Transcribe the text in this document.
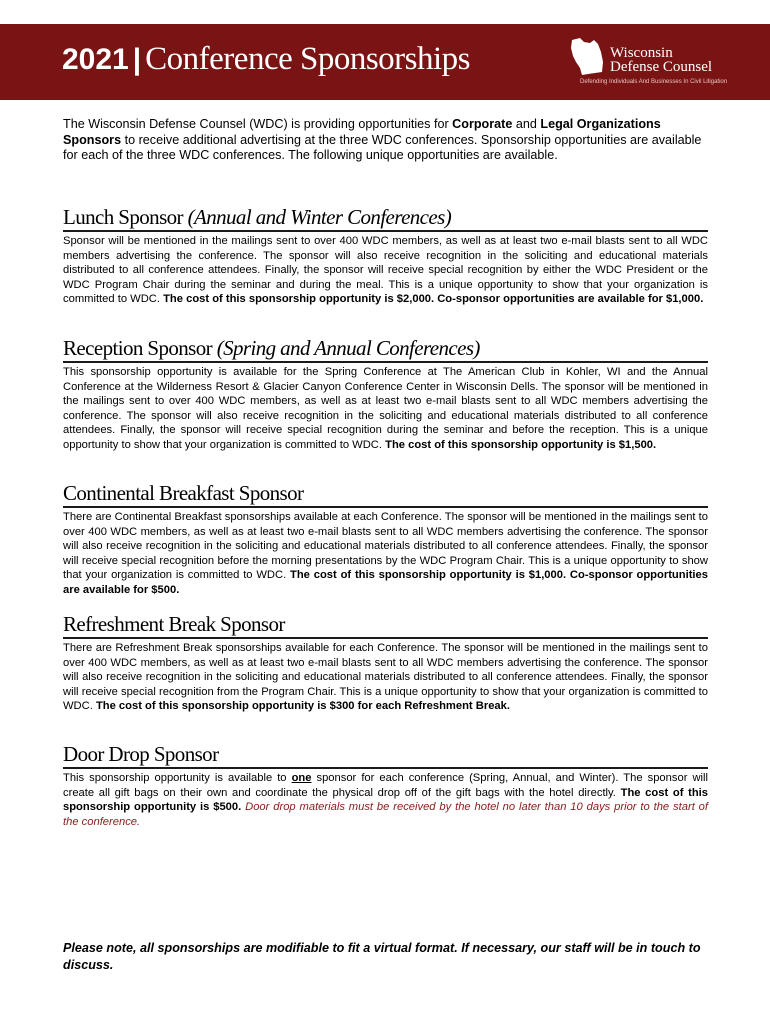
2021 | Conference Sponsorships	Wisconsin
Defense Counsel
Defending Individuals And Businesses In Civil Litigation
The Wisconsin Defense Counsel (WDC) is providing opportunities for Corporate and Legal Organizations Sponsors to receive additional advertising at the three WDC conferences. Sponsorship opportunities are available for each of the three WDC conferences. The following unique opportunities are available.
Lunch Sponsor (Annual and Winter Conferences)
Sponsor will be mentioned in the mailings sent to over 400 WDC members, as well as at least two e-mail blasts sent to all WDC members advertising the conference. The sponsor will also receive recognition in the soliciting and educational materials distributed to all conference attendees. Finally, the sponsor will receive special recognition by either the WDC President or the WDC Program Chair during the seminar and during the meal. This is a unique opportunity to show that your organization is committed to WDC. The cost of this sponsorship opportunity is $2,000. Co-sponsor opportunities are available for $1,000.
Reception Sponsor (Spring and Annual Conferences)
This sponsorship opportunity is available for the Spring Conference at The American Club in Kohler, WI and the Annual Conference at the Wilderness Resort & Glacier Canyon Conference Center in Wisconsin Dells. The sponsor will be mentioned in the mailings sent to over 400 WDC members, as well as at least two e-mail blasts sent to all WDC members advertising the conference. The sponsor will also receive recognition in the soliciting and educational materials distributed to all conference attendees. Finally, the sponsor will receive special recognition during the seminar and before the reception. This is a unique opportunity to show that your organization is committed to WDC. The cost of this sponsorship opportunity is $1,500.
Continental Breakfast Sponsor
There are Continental Breakfast sponsorships available at each Conference. The sponsor will be mentioned in the mailings sent to over 400 WDC members, as well as at least two e-mail blasts sent to all WDC members advertising the conference. The sponsor will also receive recognition in the soliciting and educational materials distributed to all conference attendees. Finally, the sponsor will receive special recognition before the morning presentations by the WDC Program Chair. This is a unique opportunity to show that your organization is committed to WDC. The cost of this sponsorship opportunity is $1,000. Co-sponsor opportunities are available for $500.
Refreshment Break Sponsor
There are Refreshment Break sponsorships available for each Conference. The sponsor will be mentioned in the mailings sent to over 400 WDC members, as well as at least two e-mail blasts sent to all WDC members advertising the conference. The sponsor will also receive recognition in the soliciting and educational materials distributed to all conference attendees. Finally, the sponsor will receive special recognition from the Program Chair. This is a unique opportunity to show that your organization is committed to WDC. The cost of this sponsorship opportunity is $300 for each Refreshment Break.
Door Drop Sponsor
This sponsorship opportunity is available to one sponsor for each conference (Spring, Annual, and Winter). The sponsor will create all gift bags on their own and coordinate the physical drop off of the gift bags with the hotel directly. The cost of this sponsorship opportunity is $500. Door drop materials must be received by the hotel no later than 10 days prior to the start of the conference.
Please note, all sponsorships are modifiable to fit a virtual format. If necessary, our staff will be in touch to discuss.
